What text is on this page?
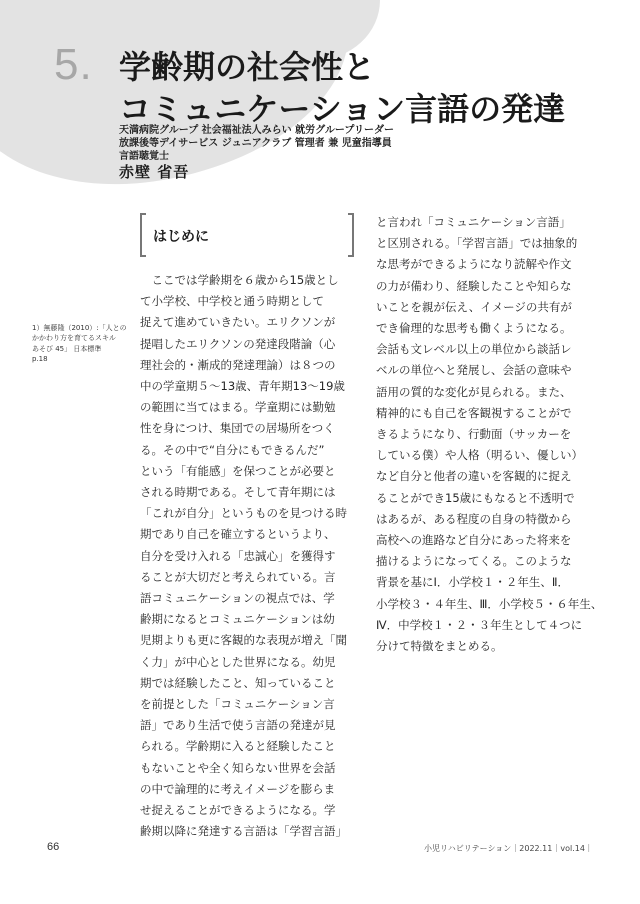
5. 学齢期の社会性と
コミュニケーション言語の発達
天満病院グループ 社会福祉法人みらい 就労グループリーダー
放課後等デイサービス ジュニアクラブ 管理者 兼 児童指導員
言語聴覚士
赤壁 省吾
1）無藤隆（2010）:「人との
かかわり方を育てるスキル
あそび 45」 日本標準
p.18
はじめに
　ここでは学齢期を６歳から15歳とし
て小学校、中学校と通う時期として
捉えて進めていきたい。エリクソンが
提唱したエリクソンの発達段階論（心
理社会的・漸成的発達理論）は８つの
中の学童期５～13歳、青年期13～19歳
の範囲に当てはまる。学童期には勤勉
性を身につけ、集団での居場所をつく
る。その中で“自分にもできるんだ”
という「有能感」を保つことが必要と
される時期である。そして青年期には
「これが自分」というものを見つける時
期であり自己を確立するというより、
自分を受け入れる「忠誠心」を獲得す
ることが大切だと考えられている。言
語コミュニケーションの視点では、学
齢期になるとコミュニケーションは幼
児期よりも更に客観的な表現が増え「聞
く力」が中心とした世界になる。幼児
期では経験したこと、知っていること
を前提とした「コミュニケーション言
語」であり生活で使う言語の発達が見
られる。学齢期に入ると経験したこと
もないことや全く知らない世界を会話
の中で論理的に考えイメージを膨らま
せ捉えることができるようになる。学
齢期以降に発達する言語は「学習言語」
と言われ「コミュニケーション言語」
と区別される。「学習言語」では抽象的
な思考ができるようになり読解や作文
の力が備わり、経験したことや知らな
いことを親が伝え、イメージの共有が
でき倫理的な思考も働くようになる。
会話も文レベル以上の単位から談話レ
ベルの単位へと発展し、会話の意味や
語用の質的な変化が見られる。また、
精神的にも自己を客観視することがで
きるようになり、行動面（サッカーを
している僕）や人格（明るい、優しい）
など自分と他者の違いを客観的に捉え
ることができ15歳にもなると不透明で
はあるが、ある程度の自身の特徴から
高校への進路など自分にあった将来を
描けるようになってくる。このような
背景を基にⅠ．小学校１・２年生、Ⅱ．
小学校３・４年生、Ⅲ．小学校５・６年生、
Ⅳ．中学校１・２・３年生として４つに
分けて特徴をまとめる。
66	小児リハビリテーション｜2022.11｜vol.14｜
